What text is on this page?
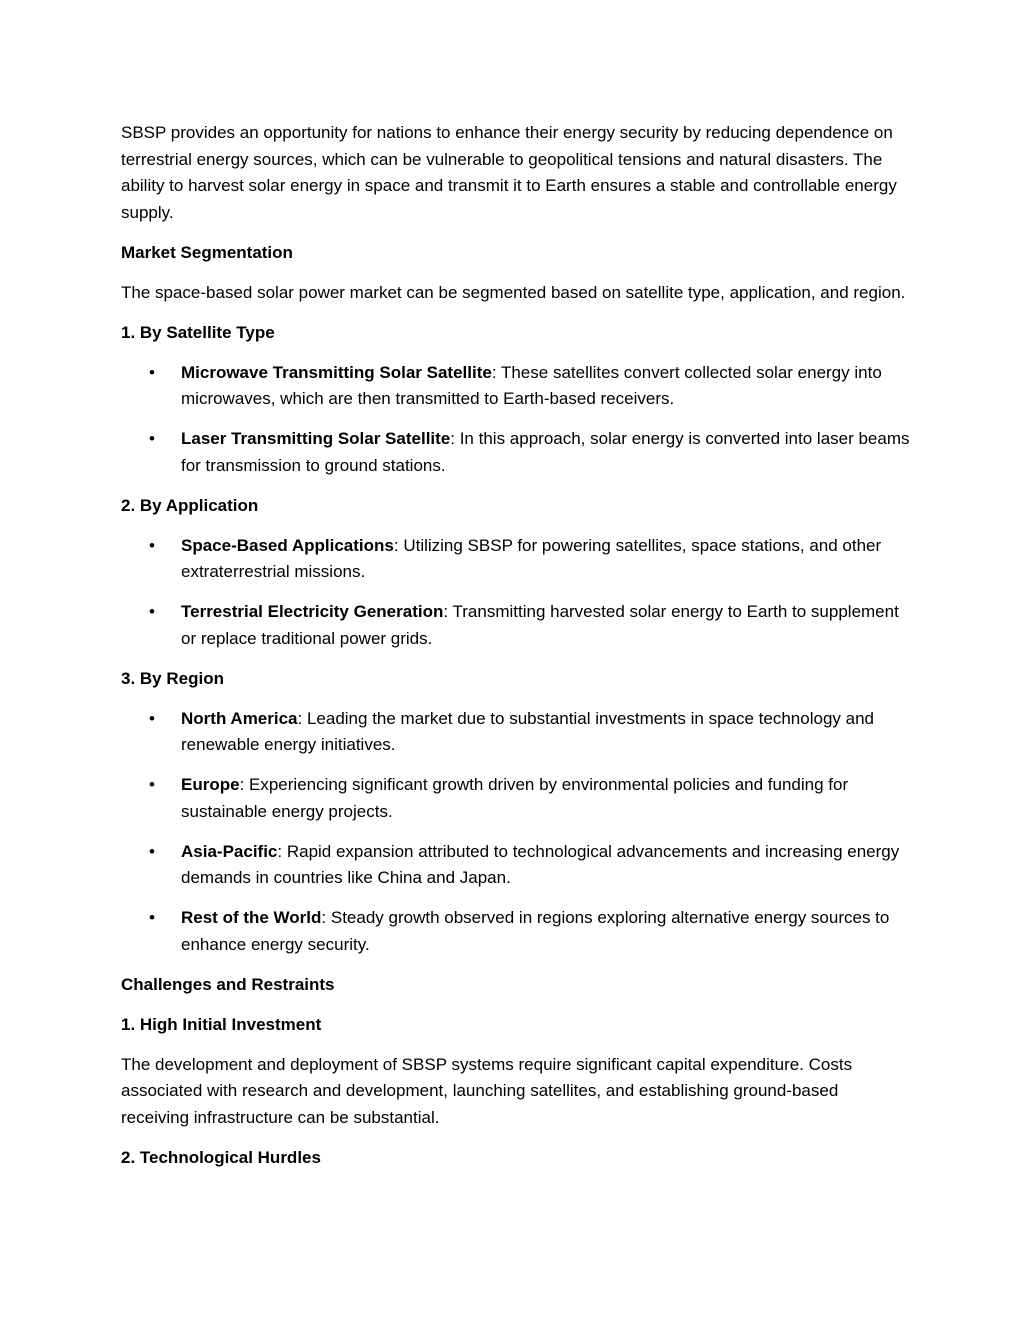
SBSP provides an opportunity for nations to enhance their energy security by reducing dependence on terrestrial energy sources, which can be vulnerable to geopolitical tensions and natural disasters. The ability to harvest solar energy in space and transmit it to Earth ensures a stable and controllable energy supply.

Market Segmentation

The space-based solar power market can be segmented based on satellite type, application, and region.

1. By Satellite Type

• Microwave Transmitting Solar Satellite: These satellites convert collected solar energy into microwaves, which are then transmitted to Earth-based receivers.
• Laser Transmitting Solar Satellite: In this approach, solar energy is converted into laser beams for transmission to ground stations.

2. By Application

• Space-Based Applications: Utilizing SBSP for powering satellites, space stations, and other extraterrestrial missions.
• Terrestrial Electricity Generation: Transmitting harvested solar energy to Earth to supplement or replace traditional power grids.

3. By Region

• North America: Leading the market due to substantial investments in space technology and renewable energy initiatives.
• Europe: Experiencing significant growth driven by environmental policies and funding for sustainable energy projects.
• Asia-Pacific: Rapid expansion attributed to technological advancements and increasing energy demands in countries like China and Japan.
• Rest of the World: Steady growth observed in regions exploring alternative energy sources to enhance energy security.

Challenges and Restraints

1. High Initial Investment

The development and deployment of SBSP systems require significant capital expenditure. Costs associated with research and development, launching satellites, and establishing ground-based receiving infrastructure can be substantial.

2. Technological Hurdles
